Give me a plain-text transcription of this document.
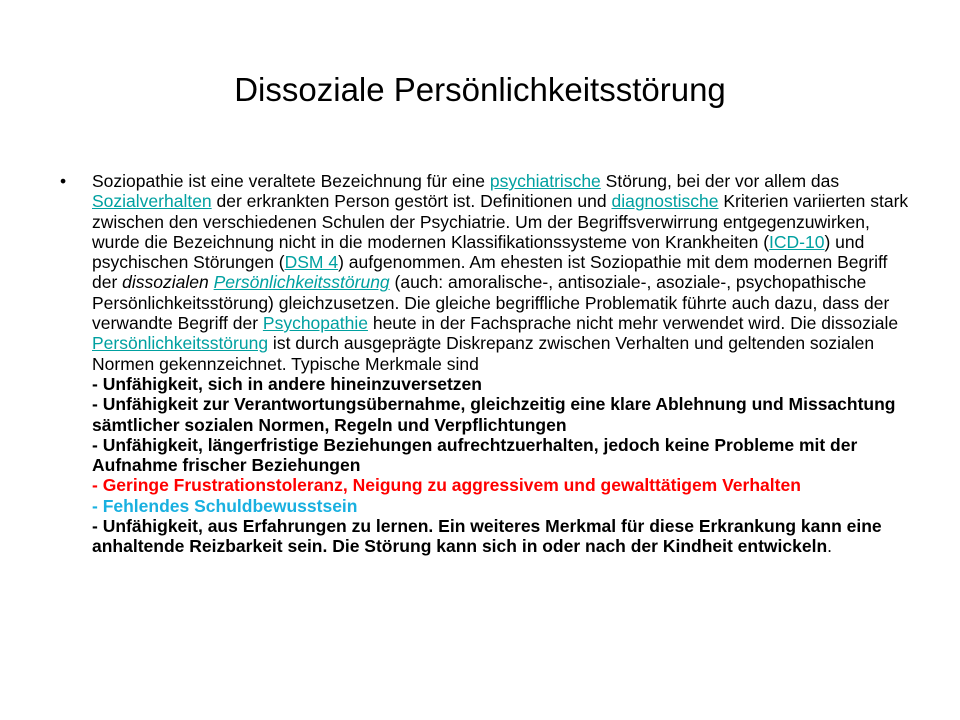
Dissoziale Persönlichkeitsstörung
• Soziopathie ist eine veraltete Bezeichnung für eine psychiatrische Störung, bei der vor allem das Sozialverhalten der erkrankten Person gestört ist. Definitionen und diagnostische Kriterien variierten stark zwischen den verschiedenen Schulen der Psychiatrie. Um der Begriffsverwirrung entgegenzuwirken, wurde die Bezeichnung nicht in die modernen Klassifikationssysteme von Krankheiten (ICD-10) und psychischen Störungen (DSM 4) aufgenommen. Am ehesten ist Soziopathie mit dem modernen Begriff der dissozialen Persönlichkeitsstörung (auch: amoralische-, antisoziale-, asoziale-, psychopathische Persönlichkeitsstörung) gleichzusetzen. Die gleiche begriffliche Problematik führte auch dazu, dass der verwandte Begriff der Psychopathie heute in der Fachsprache nicht mehr verwendet wird. Die dissoziale Persönlichkeitsstörung ist durch ausgeprägte Diskrepanz zwischen Verhalten und geltenden sozialen Normen gekennzeichnet. Typische Merkmale sind
- Unfähigkeit, sich in andere hineinzuversetzen
- Unfähigkeit zur Verantwortungsübernahme, gleichzeitig eine klare Ablehnung und Missachtung sämtlicher sozialen Normen, Regeln und Verpflichtungen
- Unfähigkeit, längerfristige Beziehungen aufrechtzuerhalten, jedoch keine Probleme mit der Aufnahme frischer Beziehungen
- Geringe Frustrationstoleranz, Neigung zu aggressivem und gewalttätigem Verhalten
- Fehlendes Schuldbewusstsein
- Unfähigkeit, aus Erfahrungen zu lernen. Ein weiteres Merkmal für diese Erkrankung kann eine anhaltende Reizbarkeit sein. Die Störung kann sich in oder nach der Kindheit entwickeln.
